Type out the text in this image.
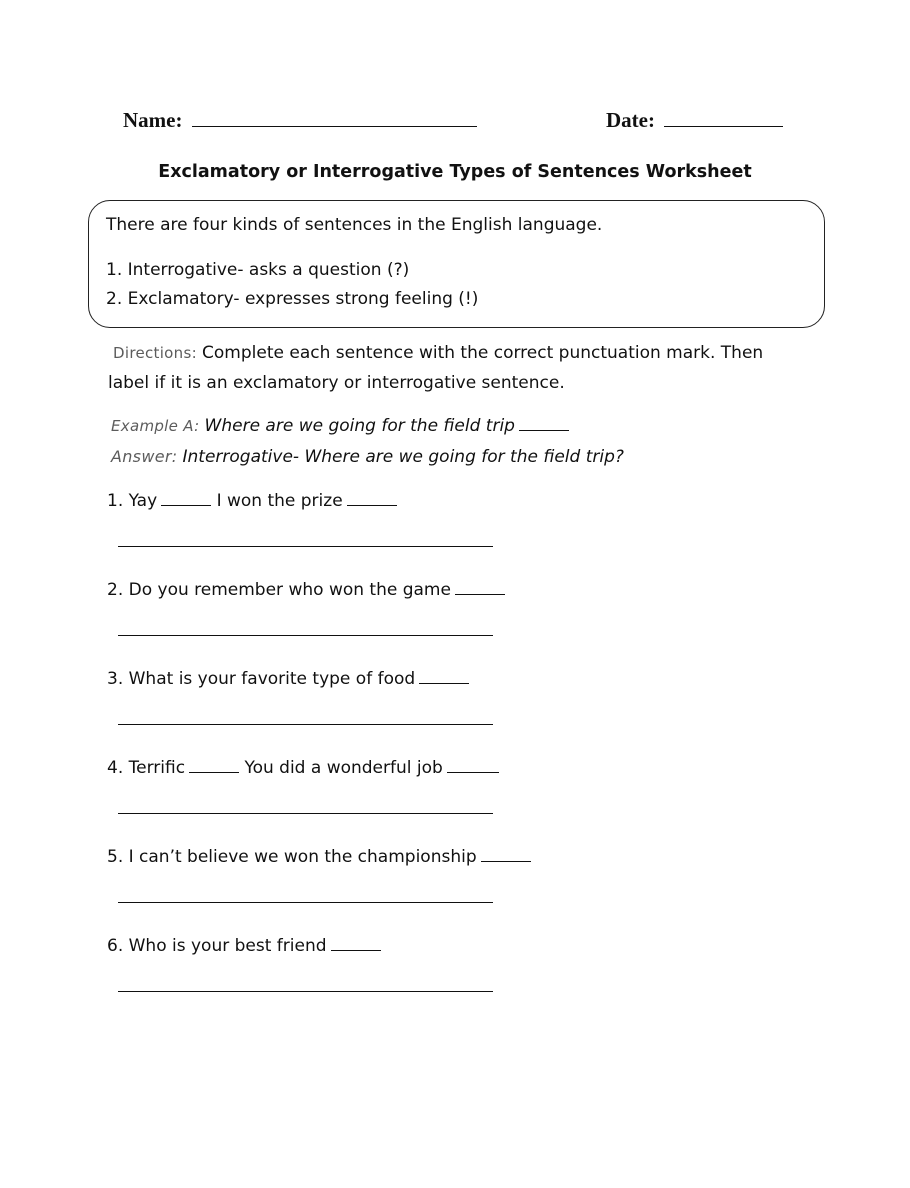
Name:	Date:
Exclamatory or Interrogative Types of Sentences Worksheet
There are four kinds of sentences in the English language.
1. Interrogative- asks a question (?)
2. Exclamatory- expresses strong feeling (!)
Directions: Complete each sentence with the correct punctuation mark. Then
label if it is an exclamatory or interrogative sentence.
Example A: Where are we going for the field trip
Answer: Interrogative- Where are we going for the field trip?
1. Yay	I won the prize
2. Do you remember who won the game
3. What is your favorite type of food
4. Terrific	You did a wonderful job
5. I can’t believe we won the championship
6. Who is your best friend
